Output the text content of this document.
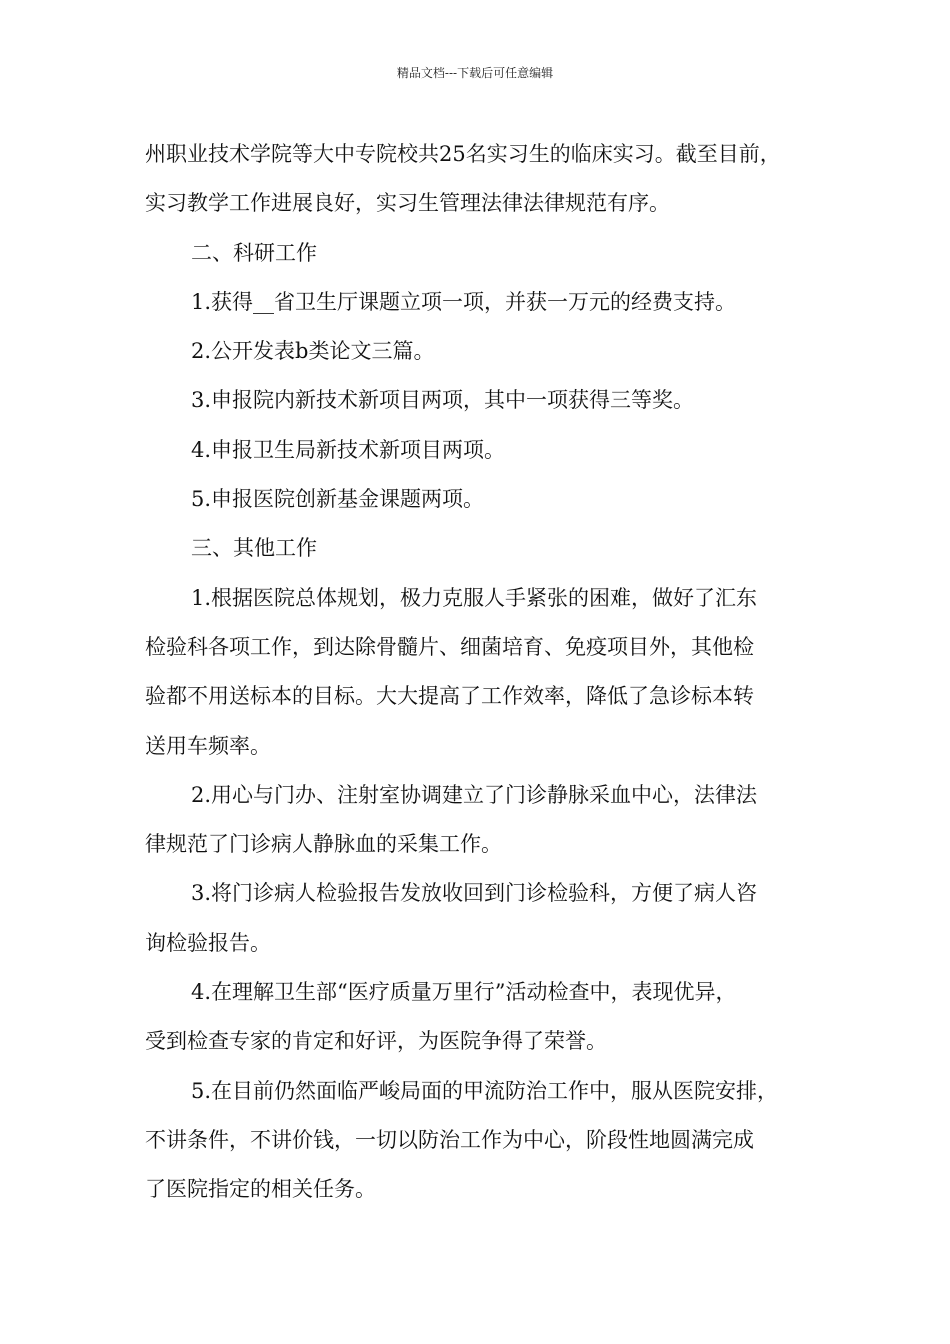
精品文档---下载后可任意编辑

州职业技术学院等大中专院校共25名实习生的临床实习。截至目前，

实习教学工作进展良好，实习生管理法律法律规范有序。

二、科研工作

1.获得__省卫生厅课题立项一项，并获一万元的经费支持。

2.公开发表b类论文三篇。

3.申报院内新技术新项目两项，其中一项获得三等奖。

4.申报卫生局新技术新项目两项。

5.申报医院创新基金课题两项。

三、其他工作

1.根据医院总体规划，极力克服人手紧张的困难，做好了汇东

检验科各项工作，到达除骨髓片、细菌培育、免疫项目外，其他检

验都不用送标本的目标。大大提高了工作效率，降低了急诊标本转

送用车频率。

2.用心与门办、注射室协调建立了门诊静脉采血中心，法律法

律规范了门诊病人静脉血的采集工作。

3.将门诊病人检验报告发放收回到门诊检验科，方便了病人咨

询检验报告。

4.在理解卫生部“医疗质量万里行”活动检查中，表现优异，

受到检查专家的肯定和好评，为医院争得了荣誉。

5.在目前仍然面临严峻局面的甲流防治工作中，服从医院安排，

不讲条件，不讲价钱，一切以防治工作为中心，阶段性地圆满完成

了医院指定的相关任务。
